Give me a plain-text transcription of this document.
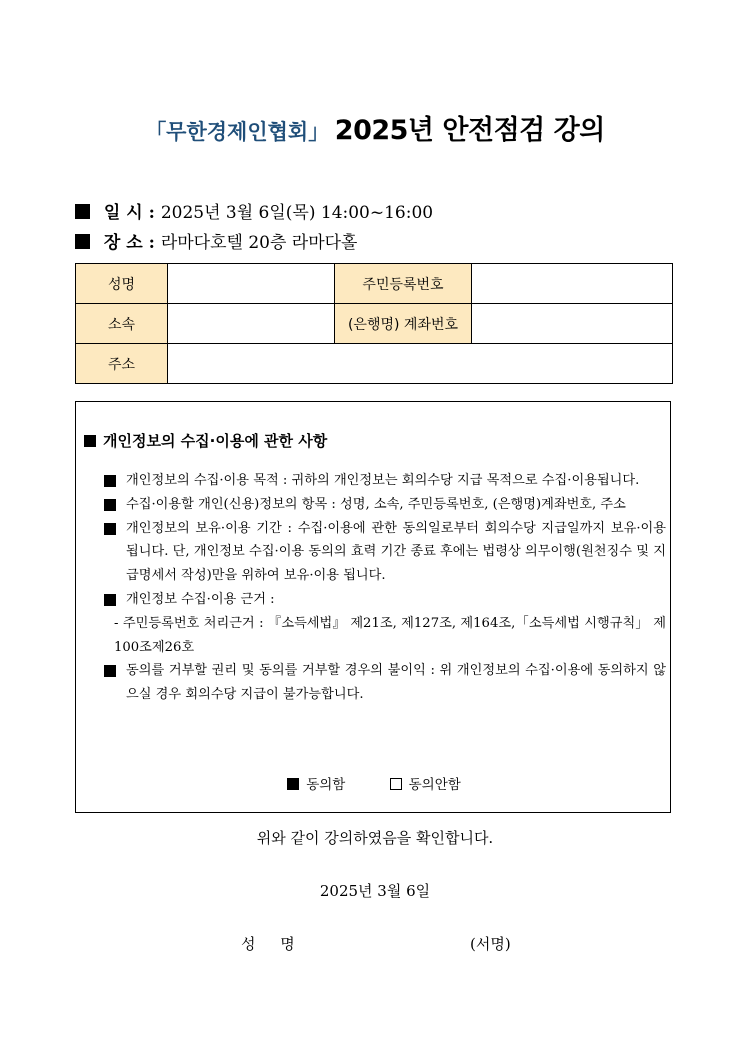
「무한경제인협회」 2025년 안전점검 강의
일 시 : 2025년 3월 6일(목) 14:00~16:00
장 소 : 라마다호텔 20층 라마다홀
성명		주민등록번호	
소속		(은행명) 계좌번호	
주소			
개인정보의 수집·이용에 관한 사항
개인정보의 수집·이용 목적 : 귀하의 개인정보는 회의수당 지급 목적으로 수집·이용됩니다.
수집·이용할 개인(신용)정보의 항목 : 성명, 소속, 주민등록번호, (은행명)계좌번호, 주소
개인정보의 보유·이용 기간 : 수집·이용에 관한 동의일로부터 회의수당 지급일까지 보유·이용 됩니다. 단, 개인정보 수집·이용 동의의 효력 기간 종료 후에는 법령상 의무이행(원천징수 및 지급명세서 작성)만을 위하여 보유·이용 됩니다.
개인정보 수집·이용 근거 :
- 주민등록번호 처리근거 : 『소득세법』 제21조, 제127조, 제164조,「소득세법 시행규칙」 제100조제26호
동의를 거부할 권리 및 동의를 거부할 경우의 불이익 : 위 개인정보의 수집·이용에 동의하지 않으실 경우 회의수당 지급이 불가능합니다.
동의함	동의안함
위와 같이 강의하였음을 확인합니다.
2025년 3월 6일
성 명	(서명)
